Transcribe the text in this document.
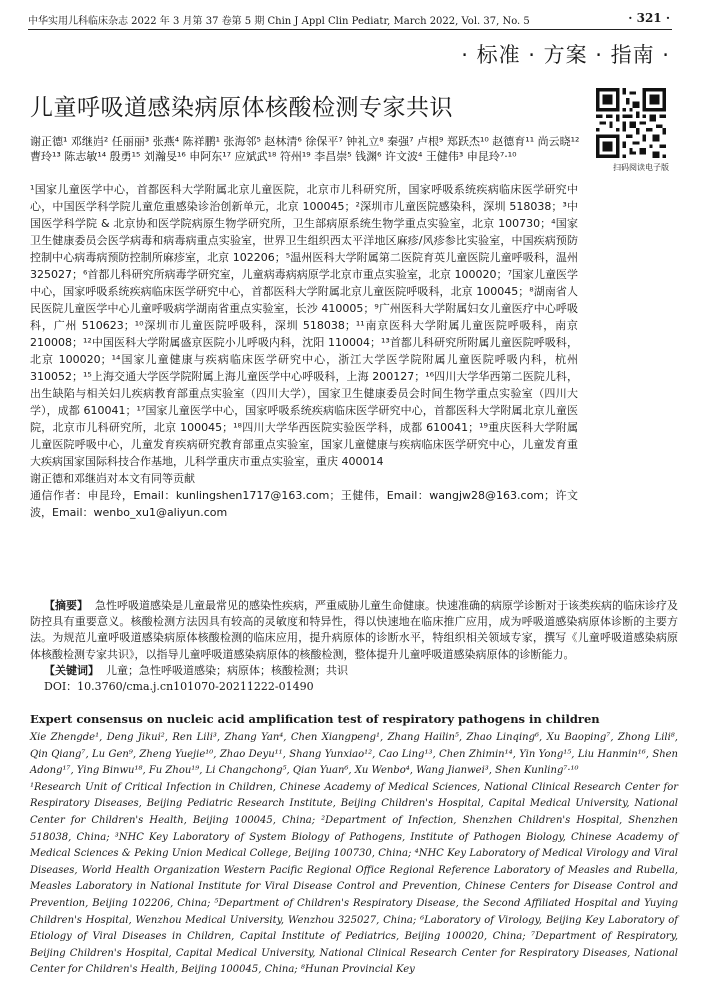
中华实用儿科临床杂志 2022 年 3 月第 37 卷第 5 期 Chin J Appl Clin Pediatr, March 2022, Vol. 37, No. 5	· 321 ·
· 标准 · 方案 · 指南 ·
儿童呼吸道感染病原体核酸检测专家共识
扫码阅读电子版
谢正德¹ 邓继岿² 任丽丽³ 张燕⁴ 陈祥鹏¹ 张海邻⁵ 赵林清⁶ 徐保平⁷ 钟礼立⁸ 秦强⁷ 卢根⁹ 郑跃杰¹⁰ 赵德育¹¹ 尚云晓¹² 曹玲¹³ 陈志敏¹⁴ 殷勇¹⁵ 刘瀚旻¹⁶ 申阿东¹⁷ 应斌武¹⁸ 符州¹⁹ 李昌崇⁵ 钱渊⁶ 许文波⁴ 王健伟³ 申昆玲⁷·¹⁰

¹国家儿童医学中心，首都医科大学附属北京儿童医院，北京市儿科研究所，国家呼吸系统疾病临床医学研究中心，中国医学科学院儿童危重感染诊治创新单元，北京 100045；²深圳市儿童医院感染科，深圳 518038；³中国医学科学院 & 北京协和医学院病原生物学研究所，卫生部病原系统生物学重点实验室，北京 100730；⁴国家卫生健康委员会医学病毒和病毒病重点实验室，世界卫生组织西太平洋地区麻疹/风疹参比实验室，中国疾病预防控制中心病毒病预防控制所麻疹室，北京 102206；⁵温州医科大学附属第二医院育英儿童医院儿童呼吸科，温州 325027；⁶首都儿科研究所病毒学研究室，儿童病毒病病原学北京市重点实验室，北京 100020；⁷国家儿童医学中心，国家呼吸系统疾病临床医学研究中心，首都医科大学附属北京儿童医院呼吸科，北京 100045；⁸湖南省人民医院儿童医学中心儿童呼吸病学湖南省重点实验室，长沙 410005；⁹广州医科大学附属妇女儿童医疗中心呼吸科，广州 510623；¹⁰深圳市儿童医院呼吸科，深圳 518038；¹¹南京医科大学附属儿童医院呼吸科，南京 210008；¹²中国医科大学附属盛京医院小儿呼吸内科，沈阳 110004；¹³首都儿科研究所附属儿童医院呼吸科，北京 100020；¹⁴国家儿童健康与疾病临床医学研究中心，浙江大学医学院附属儿童医院呼吸内科，杭州 310052；¹⁵上海交通大学医学院附属上海儿童医学中心呼吸科，上海 200127；¹⁶四川大学华西第二医院儿科，出生缺陷与相关妇儿疾病教育部重点实验室（四川大学），国家卫生健康委员会时间生物学重点实验室（四川大学），成都 610041；¹⁷国家儿童医学中心，国家呼吸系统疾病临床医学研究中心，首都医科大学附属北京儿童医院，北京市儿科研究所，北京 100045；¹⁸四川大学华西医院实验医学科，成都 610041；¹⁹重庆医科大学附属儿童医院呼吸中心，儿童发育疾病研究教育部重点实验室，国家儿童健康与疾病临床医学研究中心，儿童发育重大疾病国家国际科技合作基地，儿科学重庆市重点实验室，重庆 400014

谢正德和邓继岿对本文有同等贡献

通信作者：申昆玲，Email：kunlingshen1717@163.com；王健伟，Email：wangjw28@163.com；许文波，Email：wenbo_xu1@aliyun.com

【摘要】 急性呼吸道感染是儿童最常见的感染性疾病，严重威胁儿童生命健康。快速准确的病原学诊断对于该类疾病的临床诊疗及防控具有重要意义。核酸检测方法因具有较高的灵敏度和特异性，得以快速地在临床推广应用，成为呼吸道感染病原体诊断的主要方法。为规范儿童呼吸道感染病原体核酸检测的临床应用，提升病原体的诊断水平，特组织相关领域专家，撰写《儿童呼吸道感染病原体核酸检测专家共识》，以指导儿童呼吸道感染病原体的核酸检测，整体提升儿童呼吸道感染病原体的诊断能力。

【关键词】 儿童；急性呼吸道感染；病原体；核酸检测；共识

DOI：10.3760/cma.j.cn101070-20211222-01490

Expert consensus on nucleic acid amplification test of respiratory pathogens in children

Xie Zhengde¹, Deng Jikui², Ren Lili³, Zhang Yan⁴, Chen Xiangpeng¹, Zhang Hailin⁵, Zhao Linqing⁶, Xu Baoping⁷, Zhong Lili⁸, Qin Qiang⁷, Lu Gen⁹, Zheng Yuejie¹⁰, Zhao Deyu¹¹, Shang Yunxiao¹², Cao Ling¹³, Chen Zhimin¹⁴, Yin Yong¹⁵, Liu Hanmin¹⁶, Shen Adong¹⁷, Ying Binwu¹⁸, Fu Zhou¹⁹, Li Changchong⁵, Qian Yuan⁶, Xu Wenbo⁴, Wang Jianwei³, Shen Kunling⁷·¹⁰

¹Research Unit of Critical Infection in Children, Chinese Academy of Medical Sciences, National Clinical Research Center for Respiratory Diseases, Beijing Pediatric Research Institute, Beijing Children's Hospital, Capital Medical University, National Center for Children's Health, Beijing 100045, China; ²Department of Infection, Shenzhen Children's Hospital, Shenzhen 518038, China; ³NHC Key Laboratory of System Biology of Pathogens, Institute of Pathogen Biology, Chinese Academy of Medical Sciences & Peking Union Medical College, Beijing 100730, China; ⁴NHC Key Laboratory of Medical Virology and Viral Diseases, World Health Organization Western Pacific Regional Office Regional Reference Laboratory of Measles and Rubella, Measles Laboratory in National Institute for Viral Disease Control and Prevention, Chinese Centers for Disease Control and Prevention, Beijing 102206, China; ⁵Department of Children's Respiratory Disease, the Second Affiliated Hospital and Yuying Children's Hospital, Wenzhou Medical University, Wenzhou 325027, China; ⁶Laboratory of Virology, Beijing Key Laboratory of Etiology of Viral Diseases in Children, Capital Institute of Pediatrics, Beijing 100020, China; ⁷Department of Respiratory, Beijing Children's Hospital, Capital Medical University, National Clinical Research Center for Respiratory Diseases, National Center for Children's Health, Beijing 100045, China; ⁸Hunan Provincial Key
